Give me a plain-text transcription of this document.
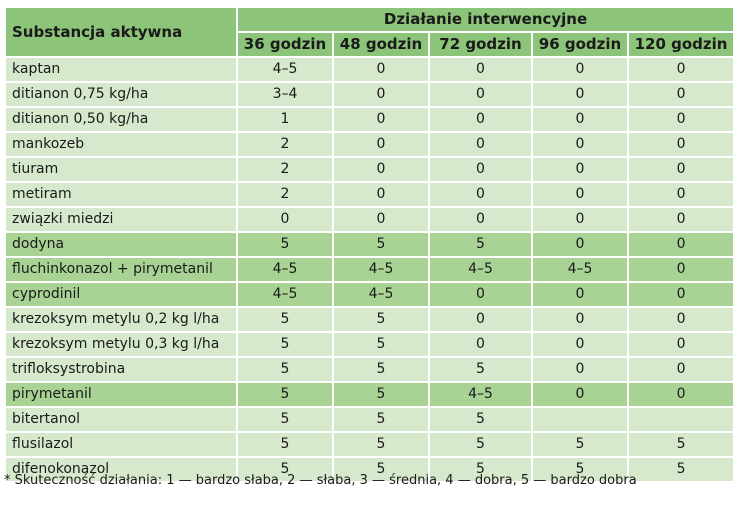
Substancja aktywna	Działanie interwencyjne				
	36 godzin	48 godzin	72 godzin	96 godzin	120 godzin
kaptan	4–5	0	0	0	0
ditianon 0,75 kg/ha	3–4	0	0	0	0
ditianon 0,50 kg/ha	1	0	0	0	0
mankozeb	2	0	0	0	0
tiuram	2	0	0	0	0
metiram	2	0	0	0	0
związki miedzi	0	0	0	0	0
dodyna	5	5	5	0	0
fluchinkonazol + pirymetanil	4–5	4–5	4–5	4–5	0
cyprodinil	4–5	4–5	0	0	0
krezoksym metylu 0,2 kg l/ha	5	5	0	0	0
krezoksym metylu 0,3 kg l/ha	5	5	0	0	0
trifloksystrobina	5	5	5	0	0
pirymetanil	5	5	4–5	0	0
bitertanol	5	5	5		
flusilazol	5	5	5	5	5
difenokonazol	5	5	5	5	5
* Skuteczność działania: 1 — bardzo słaba, 2 — słaba, 3 — średnia, 4 — dobra, 5 — bardzo dobra
